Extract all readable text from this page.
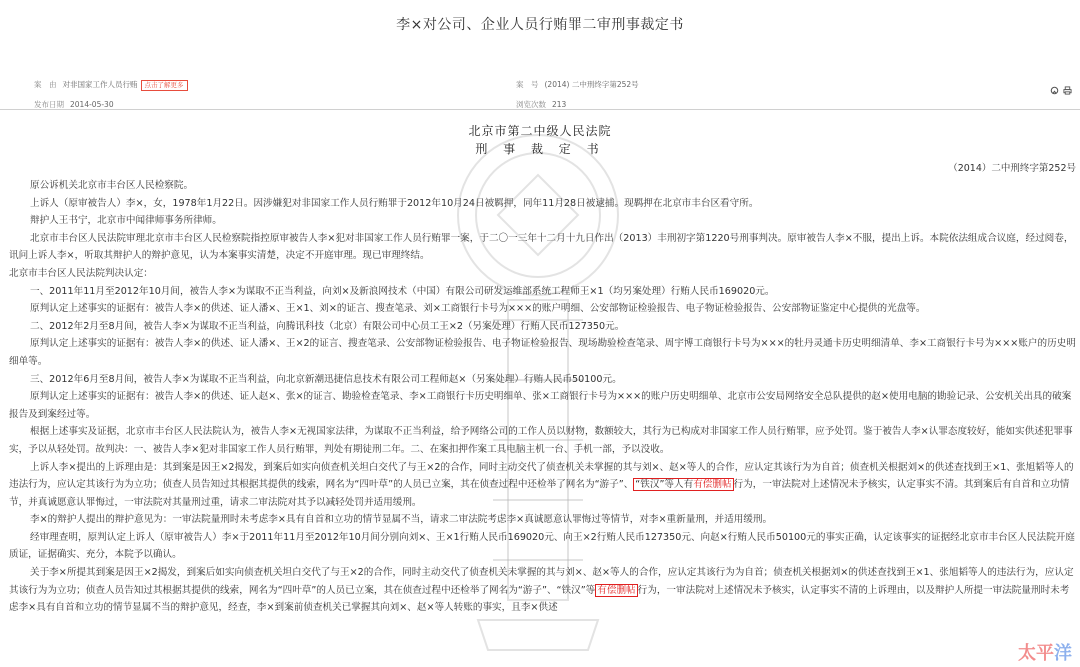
李×对公司、企业人员行贿罪二审刑事裁定书
案　由 对非国家工作人员行贿 点击了解更多	案　号 (2014) 二中刑终字第252号
发布日期 2014-05-30	浏览次数 213
北京市第二中级人民法院
刑 事 裁 定 书
（2014）二中刑终字第252号

原公诉机关北京市丰台区人民检察院。

上诉人（原审被告人）李×，女，1978年1月22日。因涉嫌犯对非国家工作人员行贿罪于2012年10月24日被羁押，同年11月28日被逮捕。现羁押在北京市丰台区看守所。

辩护人王书宁，北京市中闻律师事务所律师。

北京市丰台区人民法院审理北京市丰台区人民检察院指控原审被告人李×犯对非国家工作人员行贿罪一案，于二〇一三年十二月十九日作出（2013）丰刑初字第1220号刑事判决。原审被告人李×不服，提出上诉。本院依法组成合议庭，经过阅卷，讯问上诉人李×，听取其辩护人的辩护意见，认为本案事实清楚，决定不开庭审理。现已审理终结。

北京市丰台区人民法院判决认定：

一、2011年11月至2012年10月间，被告人李×为谋取不正当利益，向刘×及新浪网技术（中国）有限公司研发运维部系统工程师王×1（均另案处理）行贿人民币169020元。

原判认定上述事实的证据有：被告人李×的供述、证人潘×、王×1、刘×的证言、搜查笔录、刘×工商银行卡号为×××的账户明细、公安部物证检验报告、电子物证检验报告、公安部物证鉴定中心提供的光盘等。

二、2012年2月至8月间，被告人李×为谋取不正当利益，向腾讯科技（北京）有限公司中心员工王×2（另案处理）行贿人民币127350元。

原判认定上述事实的证据有：被告人李×的供述、证人潘×、王×2的证言、搜查笔录、公安部物证检验报告、电子物证检验报告、现场勘验检查笔录、周宇博工商银行卡号为×××的牡丹灵通卡历史明细清单、李×工商银行卡号为×××账户的历史明细单等。

三、2012年6月至8月间，被告人李×为谋取不正当利益，向北京新潮迅捷信息技术有限公司工程师赵×（另案处理）行贿人民币50100元。

原判认定上述事实的证据有：被告人李×的供述、证人赵×、张×的证言、勘验检查笔录、李×工商银行卡历史明细单、张×工商银行卡号为×××的账户历史明细单、北京市公安局网络安全总队提供的赵×使用电脑的勘验记录、公安机关出具的破案报告及到案经过等。

根据上述事实及证据，北京市丰台区人民法院认为，被告人李×无视国家法律，为谋取不正当利益，给予网络公司的工作人员以财物，数额较大，其行为已构成对非国家工作人员行贿罪，应予处罚。鉴于被告人李×认罪态度较好，能如实供述犯罪事实，予以从轻处罚。故判决：一、被告人李×犯对非国家工作人员行贿罪，判处有期徒刑二年。二、在案扣押作案工具电脑主机一台、手机一部，予以没收。

上诉人李×提出的上诉理由是：其到案是因王×2揭发，到案后如实向侦查机关坦白交代了与王×2的合作，同时主动交代了侦查机关未掌握的其与刘×、赵×等人的合作，应认定其该行为为自首；侦查机关根据刘×的供述查找到王×1、张旭韬等人的违法行为，应认定其该行为为立功；侦查人员告知过其根据其提供的线索，网名为“四叶草”的人员已立案，其在侦查过程中还检举了网名为“游子”、 “铁汉”等人有有偿删帖 行为，一审法院对上述情况未予核实，认定事实不清。其到案后有自首和立功情节，并真诚愿意认罪悔过，一审法院对其量刑过重，请求二审法院对其予以减轻处罚并适用缓刑。

李×的辩护人提出的辩护意见为：一审法院量刑时未考虑李×具有自首和立功的情节显属不当，请求二审法院考虑李×真诚愿意认罪悔过等情节，对李×重新量刑，并适用缓刑。

经审理查明，原判认定上诉人（原审被告人）李×于2011年11月至2012年10月间分别向刘×、王×1行贿人民币169020元、向王×2行贿人民币127350元、向赵×行贿人民币50100元的事实正确，认定该事实的证据经北京市丰台区人民法院开庭质证，证据确实、充分，本院予以确认。

关于李×所提其到案是因王×2揭发，到案后如实向侦查机关坦白交代了与王×2的合作，同时主动交代了侦查机关未掌握的其与刘×、赵×等人的合作，应认定其该行为为自首；侦查机关根据刘×的供述查找到王×1、张旭韬等人的违法行为，应认定其该行为为立功；侦查人员告知过其根据其提供的线索，网名为“四叶草”的人员已立案，其在侦查过程中还检举了网名为“游子”、“铁汉”等 有偿删帖 行为，一审法院对上述情况未予核实，认定事实不清的上诉理由，以及辩护人所提一审法院量刑时未考虑李×具有自首和立功的情节显属不当的辩护意见，经查，李×到案前侦查机关已掌握其向刘×、赵×等人转账的事实，且李×供述

太平洋
